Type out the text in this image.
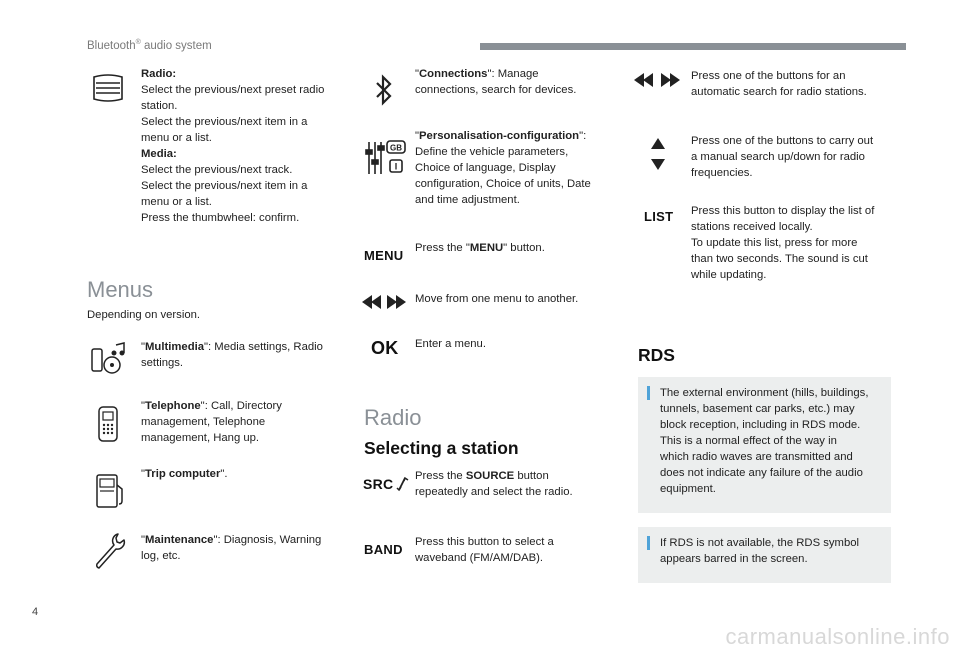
Bluetooth® audio system
Radio:
Select the previous/next preset radio
station.
Select the previous/next item in a
menu or a list.
Media:
Select the previous/next track.
Select the previous/next item in a
menu or a list.
Press the thumbwheel: confirm.
Menus
Depending on version.
"Multimedia": Media settings, Radio
settings.
"Telephone": Call, Directory
management, Telephone
management, Hang up.
"Trip computer".
"Maintenance": Diagnosis, Warning
log, etc.
"Connections": Manage
connections, search for devices.
GB
I
"Personalisation-configuration":
Define the vehicle parameters,
Choice of language, Display
configuration, Choice of units, Date
and time adjustment.
MENU Press the "MENU" button.
Move from one menu to another.
OK Enter a menu.
Radio
Selecting a station
SRC Press the SOURCE button
repeatedly and select the radio.
BAND Press this button to select a
waveband (FM/AM/DAB).
Press one of the buttons for an
automatic search for radio stations.
Press one of the buttons to carry out
a manual search up/down for radio
frequencies.
LIST Press this button to display the list of
stations received locally.
To update this list, press for more
than two seconds. The sound is cut
while updating.
RDS
The external environment (hills, buildings,
tunnels, basement car parks, etc.) may
block reception, including in RDS mode.
This is a normal effect of the way in
which radio waves are transmitted and
does not indicate any failure of the audio
equipment.
If RDS is not available, the RDS symbol
appears barred in the screen.
4
carmanualsonline.info
